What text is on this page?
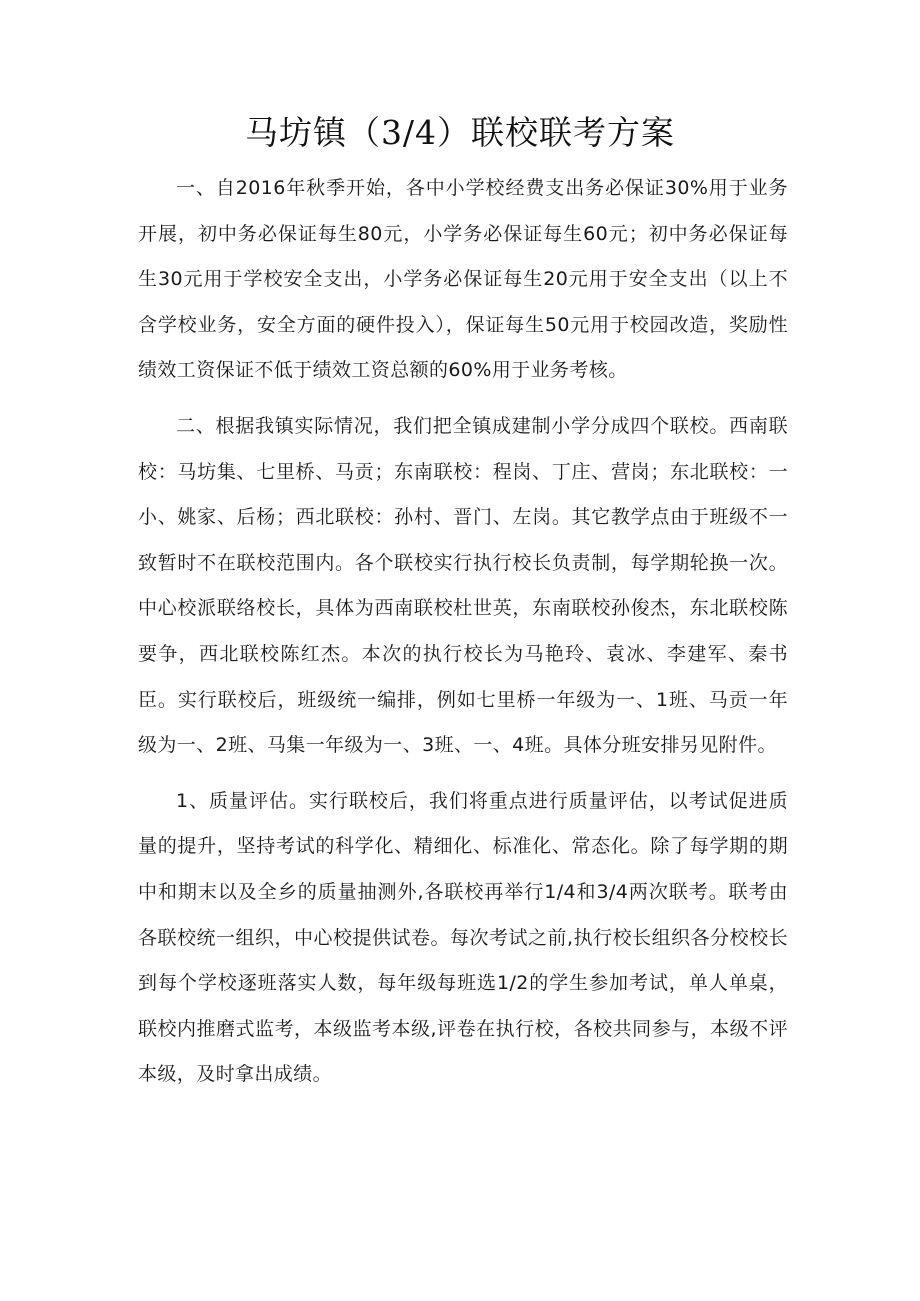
马坊镇（3/4）联校联考方案

一、自2016年秋季开始，各中小学校经费支出务必保证30%用于业务开展，初中务必保证每生80元，小学务必保证每生60元；初中务必保证每生30元用于学校安全支出，小学务必保证每生20元用于安全支出（以上不含学校业务，安全方面的硬件投入），保证每生50元用于校园改造，奖励性绩效工资保证不低于绩效工资总额的60%用于业务考核。

二、根据我镇实际情况，我们把全镇成建制小学分成四个联校。西南联校：马坊集、七里桥、马贡；东南联校：程岗、丁庄、营岗；东北联校：一小、姚家、后杨；西北联校：孙村、晋门、左岗。其它教学点由于班级不一致暂时不在联校范围内。各个联校实行执行校长负责制，每学期轮换一次。中心校派联络校长，具体为西南联校杜世英，东南联校孙俊杰，东北联校陈要争，西北联校陈红杰。本次的执行校长为马艳玲、袁冰、李建军、秦书臣。实行联校后，班级统一编排，例如七里桥一年级为一、1班、马贡一年级为一、2班、马集一年级为一、3班、一、4班。具体分班安排另见附件。

1、质量评估。实行联校后，我们将重点进行质量评估，以考试促进质量的提升，坚持考试的科学化、精细化、标准化、常态化。除了每学期的期中和期末以及全乡的质量抽测外,各联校再举行1/4和3/4两次联考。联考由各联校统一组织，中心校提供试卷。每次考试之前,执行校长组织各分校校长到每个学校逐班落实人数，每年级每班选1/2的学生参加考试，单人单桌，联校内推磨式监考，本级监考本级,评卷在执行校，各校共同参与，本级不评本级，及时拿出成绩。
